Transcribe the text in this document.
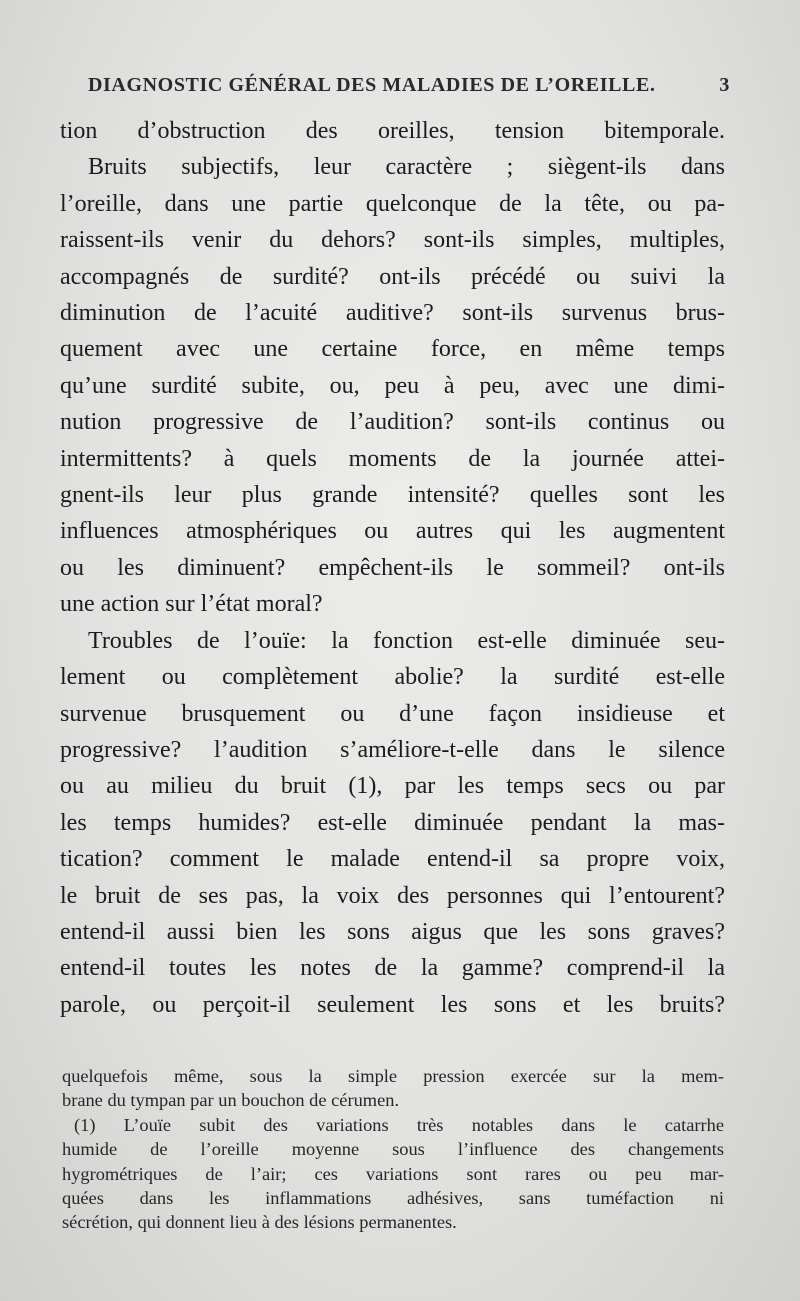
DIAGNOSTIC GÉNÉRAL DES MALADIES DE L’OREILLE.	3
tion d’obstruction des oreilles, tension bitemporale.
Bruits subjectifs, leur caractère ; siègent-ils dans
l’oreille, dans une partie quelconque de la tête, ou pa-
raissent-ils venir du dehors? sont-ils simples, multiples,
accompagnés de surdité? ont-ils précédé ou suivi la
diminution de l’acuité auditive? sont-ils survenus brus-
quement avec une certaine force, en même temps
qu’une surdité subite, ou, peu à peu, avec une dimi-
nution progressive de l’audition? sont-ils continus ou
intermittents? à quels moments de la journée attei-
gnent-ils leur plus grande intensité? quelles sont les
influences atmosphériques ou autres qui les augmentent
ou les diminuent? empêchent-ils le sommeil? ont-ils
une action sur l’état moral?
Troubles de l’ouïe: la fonction est-elle diminuée seu-
lement ou complètement abolie? la surdité est-elle
survenue brusquement ou d’une façon insidieuse et
progressive? l’audition s’améliore-t-elle dans le silence
ou au milieu du bruit (1), par les temps secs ou par
les temps humides? est-elle diminuée pendant la mas-
tication? comment le malade entend-il sa propre voix,
le bruit de ses pas, la voix des personnes qui l’entourent?
entend-il aussi bien les sons aigus que les sons graves?
entend-il toutes les notes de la gamme? comprend-il la
parole, ou perçoit-il seulement les sons et les bruits?
quelquefois même, sous la simple pression exercée sur la mem-
brane du tympan par un bouchon de cérumen.
(1) L’ouïe subit des variations très notables dans le catarrhe
humide de l’oreille moyenne sous l’influence des changements
hygrométriques de l’air; ces variations sont rares ou peu mar-
quées dans les inflammations adhésives, sans tuméfaction ni
sécrétion, qui donnent lieu à des lésions permanentes.
